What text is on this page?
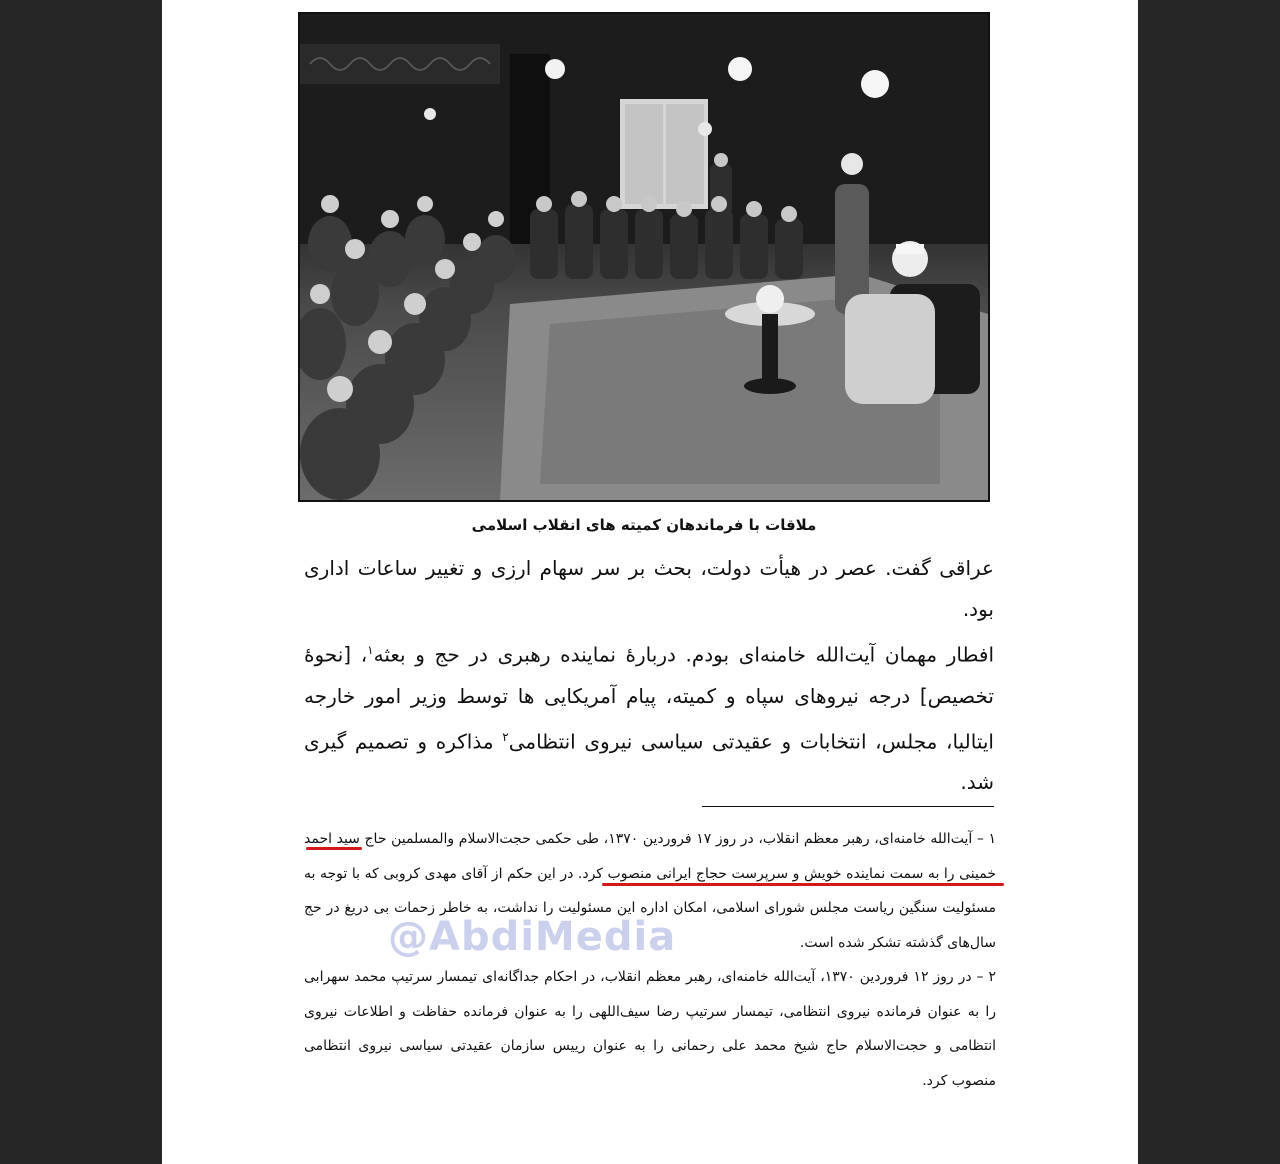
ملاقات با فرماندهان کمیته های انقلاب اسلامی

عراقی گفت. عصر در هیأت دولت، بحث بر سر سهام ارزی و تغییر ساعات اداری بود.

افطار مهمان آیت‌الله خامنه‌ای بودم. دربارهٔ نماینده رهبری در حج و بعثه$^۱$، [نحوهٔ تخصیص] درجه نیروهای سپاه و کمیته، پیام آمریکایی ها توسط وزیر امور خارجه ایتالیا، مجلس، انتخابات و عقیدتی سیاسی نیروی انتظامی$^۲$ مذاکره و تصمیم گیری شد.

۱ – آیت‌الله خامنه‌ای، رهبر معظم انقلاب، در روز ۱۷ فروردین ۱۳۷۰، طی حکمی حجت‌الاسلام والمسلمین حاج سید احمد خمینی را به سمت نماینده خویش و سرپرست حجاج ایرانی منصوب کرد. در این حکم از آقای مهدی کروبی که با توجه به مسئولیت سنگین ریاست مجلس شورای اسلامی، امکان اداره این مسئولیت را نداشت، به خاطر زحمات بی دریغ در حج سال‌های گذشته تشکر شده است.

۲ – در روز ۱۲ فروردین ۱۳۷۰، آیت‌الله خامنه‌ای، رهبر معظم انقلاب، در احکام جداگانه‌ای تیمسار سرتیپ محمد سهرابی را به عنوان فرمانده نیروی انتظامی، تیمسار سرتیپ رضا سیف‌اللهی را به عنوان فرمانده حفاظت و اطلاعات نیروی انتظامی و حجت‌الاسلام حاج شیخ محمد علی رحمانی را به عنوان رییس سازمان عقیدتی سیاسی نیروی انتظامی منصوب کرد.

@AbdiMedia
